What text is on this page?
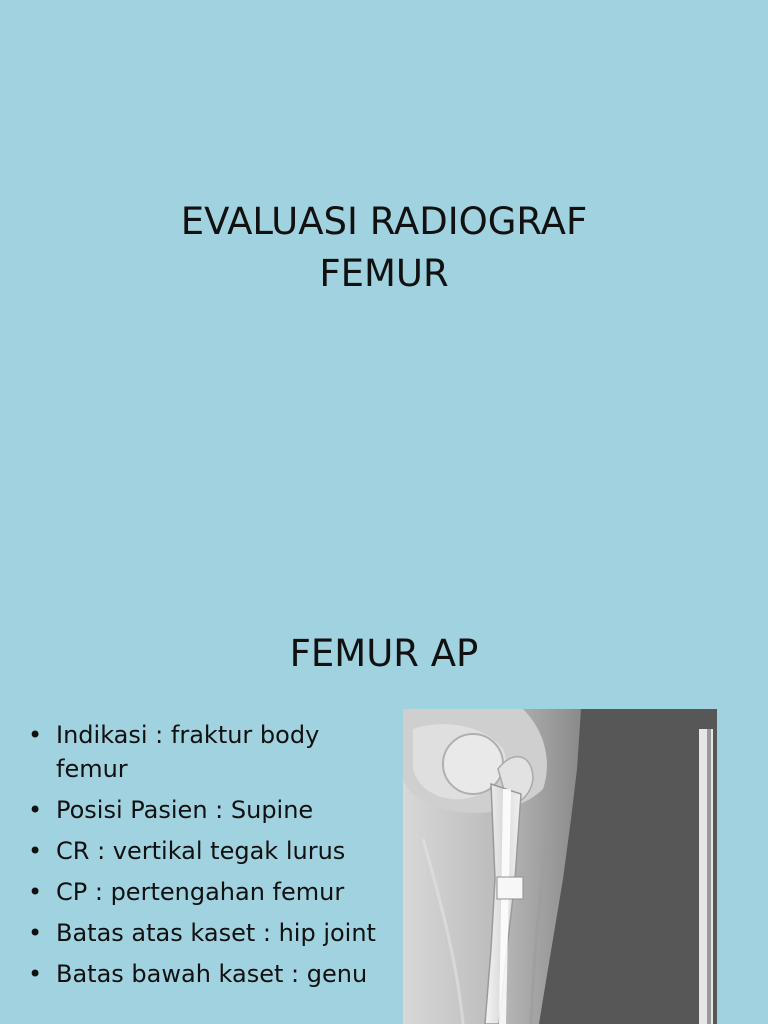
EVALUASI RADIOGRAF
FEMUR
FEMUR AP
• Indikasi : fraktur body femur
• Posisi Pasien : Supine
• CR : vertikal tegak lurus
• CP : pertengahan femur
• Batas atas kaset : hip joint
• Batas bawah kaset : genu
